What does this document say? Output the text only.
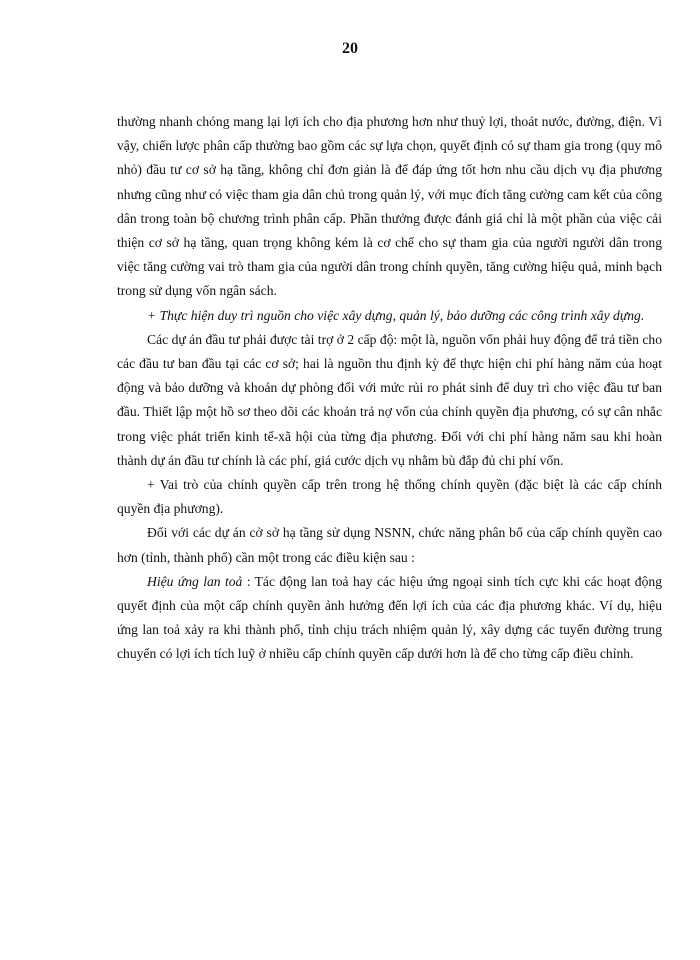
20

thường nhanh chóng mang lại lợi ích cho địa phương hơn như thuỷ lợi, thoát nước, đường, điện. Vì vậy, chiến lược phân cấp thường bao gồm các sự lựa chọn, quyết định có sự tham gia trong (quy mô nhỏ) đầu tư cơ sở hạ tầng, không chỉ đơn giản là để đáp ứng tốt hơn nhu cầu dịch vụ địa phương nhưng cũng như có việc tham gia dân chủ trong quản lý, với mục đích tăng cường cam kết của công dân trong toàn bộ chương trình phân cấp. Phần thưởng được đánh giá chỉ là một phần của việc cải thiện cơ sở hạ tầng, quan trọng không kém là cơ chế cho sự tham gia của người người dân trong việc tăng cường vai trò tham gia của người dân trong chính quyền, tăng cường hiệu quả, minh bạch trong sử dụng vốn ngân sách.

+ Thực hiện duy trì nguồn cho việc xây dựng, quản lý, bảo dưỡng các công trình xây dựng.

Các dự án đầu tư phải được tài trợ ở 2 cấp độ: một là, nguồn vốn phải huy động để trả tiền cho các đầu tư ban đầu tại các cơ sở; hai là nguồn thu định kỳ để thực hiện chi phí hàng năm của hoạt động và bảo dưỡng và khoản dự phòng đối với mức rủi ro phát sinh để duy trì cho việc đầu tư ban đầu. Thiết lập một hồ sơ theo dõi các khoản trả nợ vốn của chính quyền địa phương, có sự cân nhắc trong việc phát triển kinh tế-xã hội của từng địa phương. Đối với chi phí hàng năm sau khi hoàn thành dự án đầu tư chính là các phí, giá cước dịch vụ nhằm bù đắp đủ chi phí vốn.

+ Vai trò của chính quyền cấp trên trong hệ thống chính quyền (đặc biệt là các cấp chính quyền địa phương).

Đối với các dự án cở sở hạ tầng sử dụng NSNN, chức năng phân bổ của cấp chính quyền cao hơn (tỉnh, thành phố) cần một trong các điều kiện sau :

Hiệu ứng lan toả : Tác động lan toả hay các hiệu ứng ngoại sinh tích cực khi các hoạt động quyết định của một cấp chính quyền ảnh hưởng đến lợi ích của các địa phương khác. Ví dụ, hiệu ứng lan toả xảy ra khi thành phố, tỉnh chịu trách nhiệm quản lý, xây dựng các tuyến đường trung chuyển có lợi ích tích luỹ ở nhiều cấp chính quyền cấp dưới hơn là để cho từng cấp điều chỉnh.
